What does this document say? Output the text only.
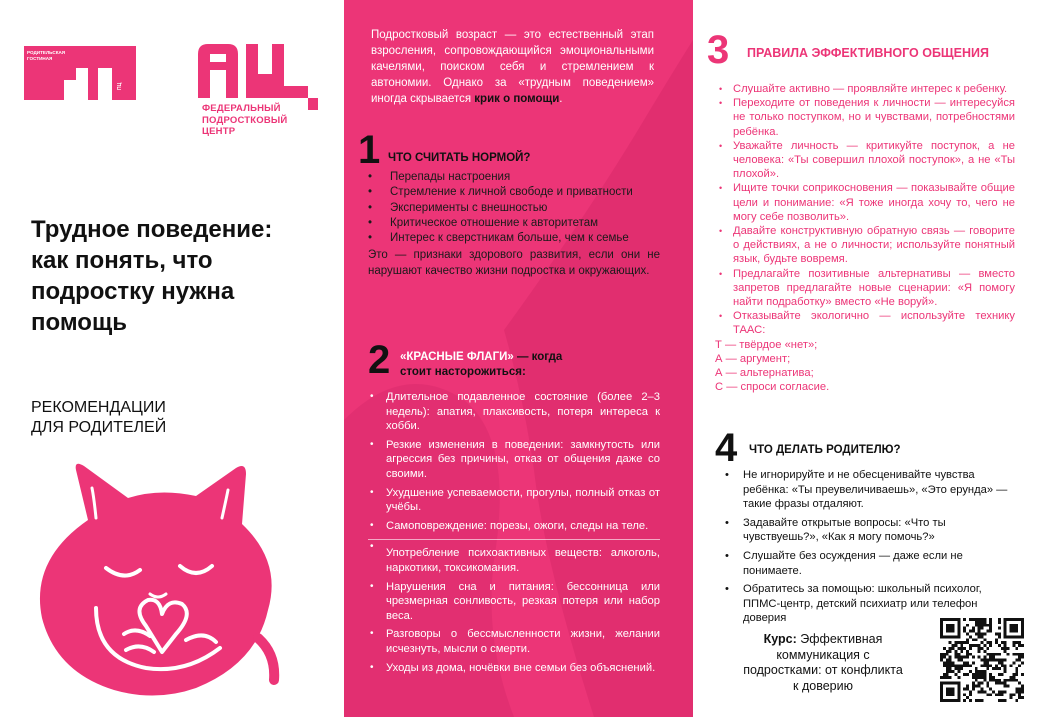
РОДИТЕЛЬСКАЯ
ГОСТИНАЯ
ПЦ
ФЕДЕРАЛЬНЫЙ
ПОДРОСТКОВЫЙ
ЦЕНТР
Трудное поведение:
как понять, что
подростку нужна
помощь
РЕКОМЕНДАЦИИ
ДЛЯ РОДИТЕЛЕЙ

Подростковый возраст — это естественный этап взросления, сопровождающийся эмоциональными качелями, поиском себя и стремлением к автономии. Однако за «трудным поведением» иногда скрывается крик о помощи.

1 ЧТО СЧИТАТЬ НОРМОЙ?
• Перепады настроения
• Стремление к личной свободе и приватности
• Эксперименты с внешностью
• Критическое отношение к авторитетам
• Интерес к сверстникам больше, чем к семье

Это — признаки здорового развития, если они не нарушают качество жизни подростка и окружающих.

2 «КРАСНЫЕ ФЛАГИ» — когда
стоит насторожиться:
• Длительное подавленное состояние (более 2–3 недель): апатия, плаксивость, потеря интереса к хобби.
• Резкие изменения в поведении: замкнутость или агрессия без причины, отказ от общения даже со своими.
• Ухудшение успеваемости, прогулы, полный отказ от учёбы.
• Самоповреждение: порезы, ожоги, следы на теле.
• Употребление психоактивных веществ: алкоголь, наркотики, токсикомания.
• Нарушения сна и питания: бессонница или чрезмерная сонливость, резкая потеря или набор веса.
• Разговоры о бессмысленности жизни, желании исчезнуть, мысли о смерти.
• Уходы из дома, ночёвки вне семьи без объяснений.
3 ПРАВИЛА ЭФФЕКТИВНОГО ОБЩЕНИЯ
• Слушайте активно — проявляйте интерес к ребенку.
• Переходите от поведения к личности — интересуйся не только поступком, но и чувствами, потребностями ребёнка.
• Уважайте личность — критикуйте поступок, а не человека: «Ты совершил плохой поступок», а не «Ты плохой».
• Ищите точки соприкосновения — показывайте общие цели и понимание: «Я тоже иногда хочу то, чего не могу себе позволить».
• Давайте конструктивную обратную связь — говорите о действиях, а не о личности; используйте понятный язык, будьте вовремя.
• Предлагайте позитивные альтернативы — вместо запретов предлагайте новые сценарии: «Я помогу найти подработку» вместо «Не воруй».
• Отказывайте экологично — используйте технику ТААС:
Т — твёрдое «нет»;
А — аргумент;
А — альтернатива;
С — спроси согласие.
4 ЧТО ДЕЛАТЬ РОДИТЕЛЮ?
• Не игнорируйте и не обесценивайте чувства ребёнка: «Ты преувеличиваешь», «Это ерунда» — такие фразы отдаляют.
• Задавайте открытые вопросы: «Что ты чувствуешь?», «Как я могу помочь?»
• Слушайте без осуждения — даже если не понимаете.
• Обратитесь за помощью: школьный психолог, ППМС-центр, детский психиатр или телефон доверия
Курс: Эффективная
коммуникация с
подростками: от конфликта
к доверию
